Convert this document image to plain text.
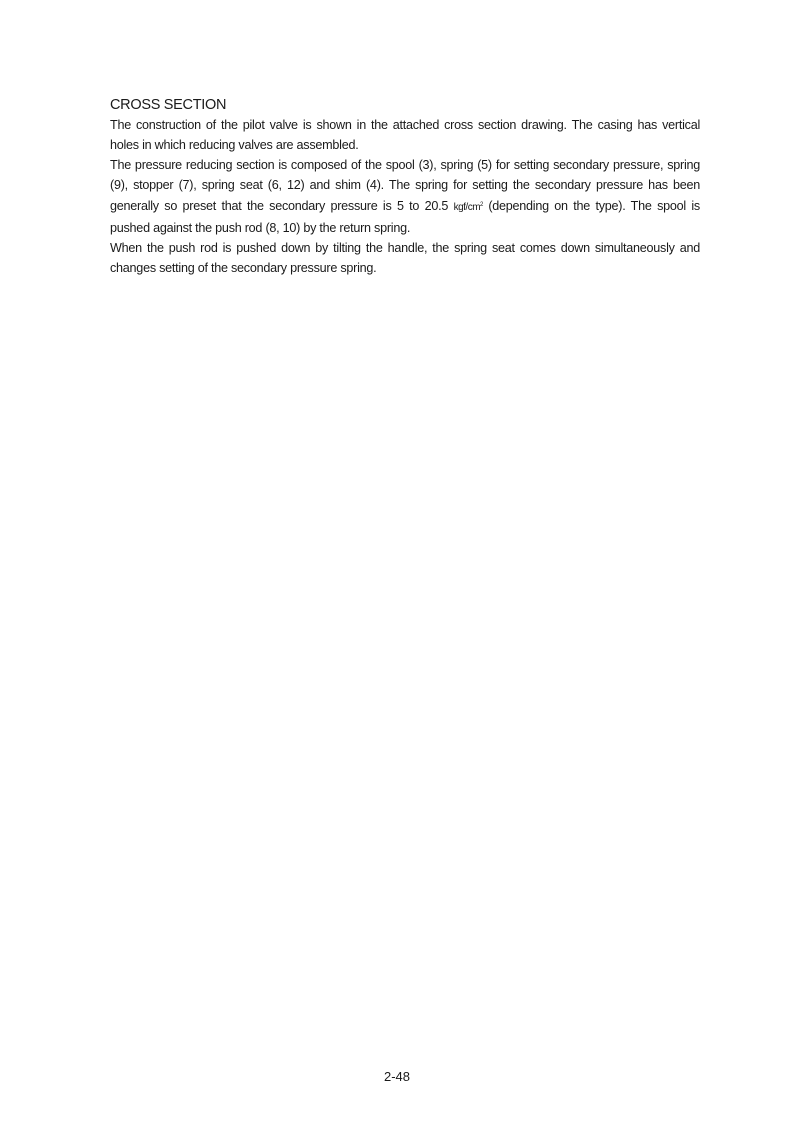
CROSS SECTION

The construction of the pilot valve is shown in the attached cross section drawing. The casing has vertical holes in which reducing valves are assembled.

The pressure reducing section is composed of the spool (3), spring (5) for setting secondary pressure, spring (9), stopper (7), spring seat (6, 12) and shim (4). The spring for setting the secondary pressure has been generally so preset that the secondary pressure is 5 to 20.5 kgf/$cm^2$ (depending on the type). The spool is pushed against the push rod (8, 10) by the return spring.

When the push rod is pushed down by tilting the handle, the spring seat comes down simultaneously and changes setting of the secondary pressure spring.

2-48
